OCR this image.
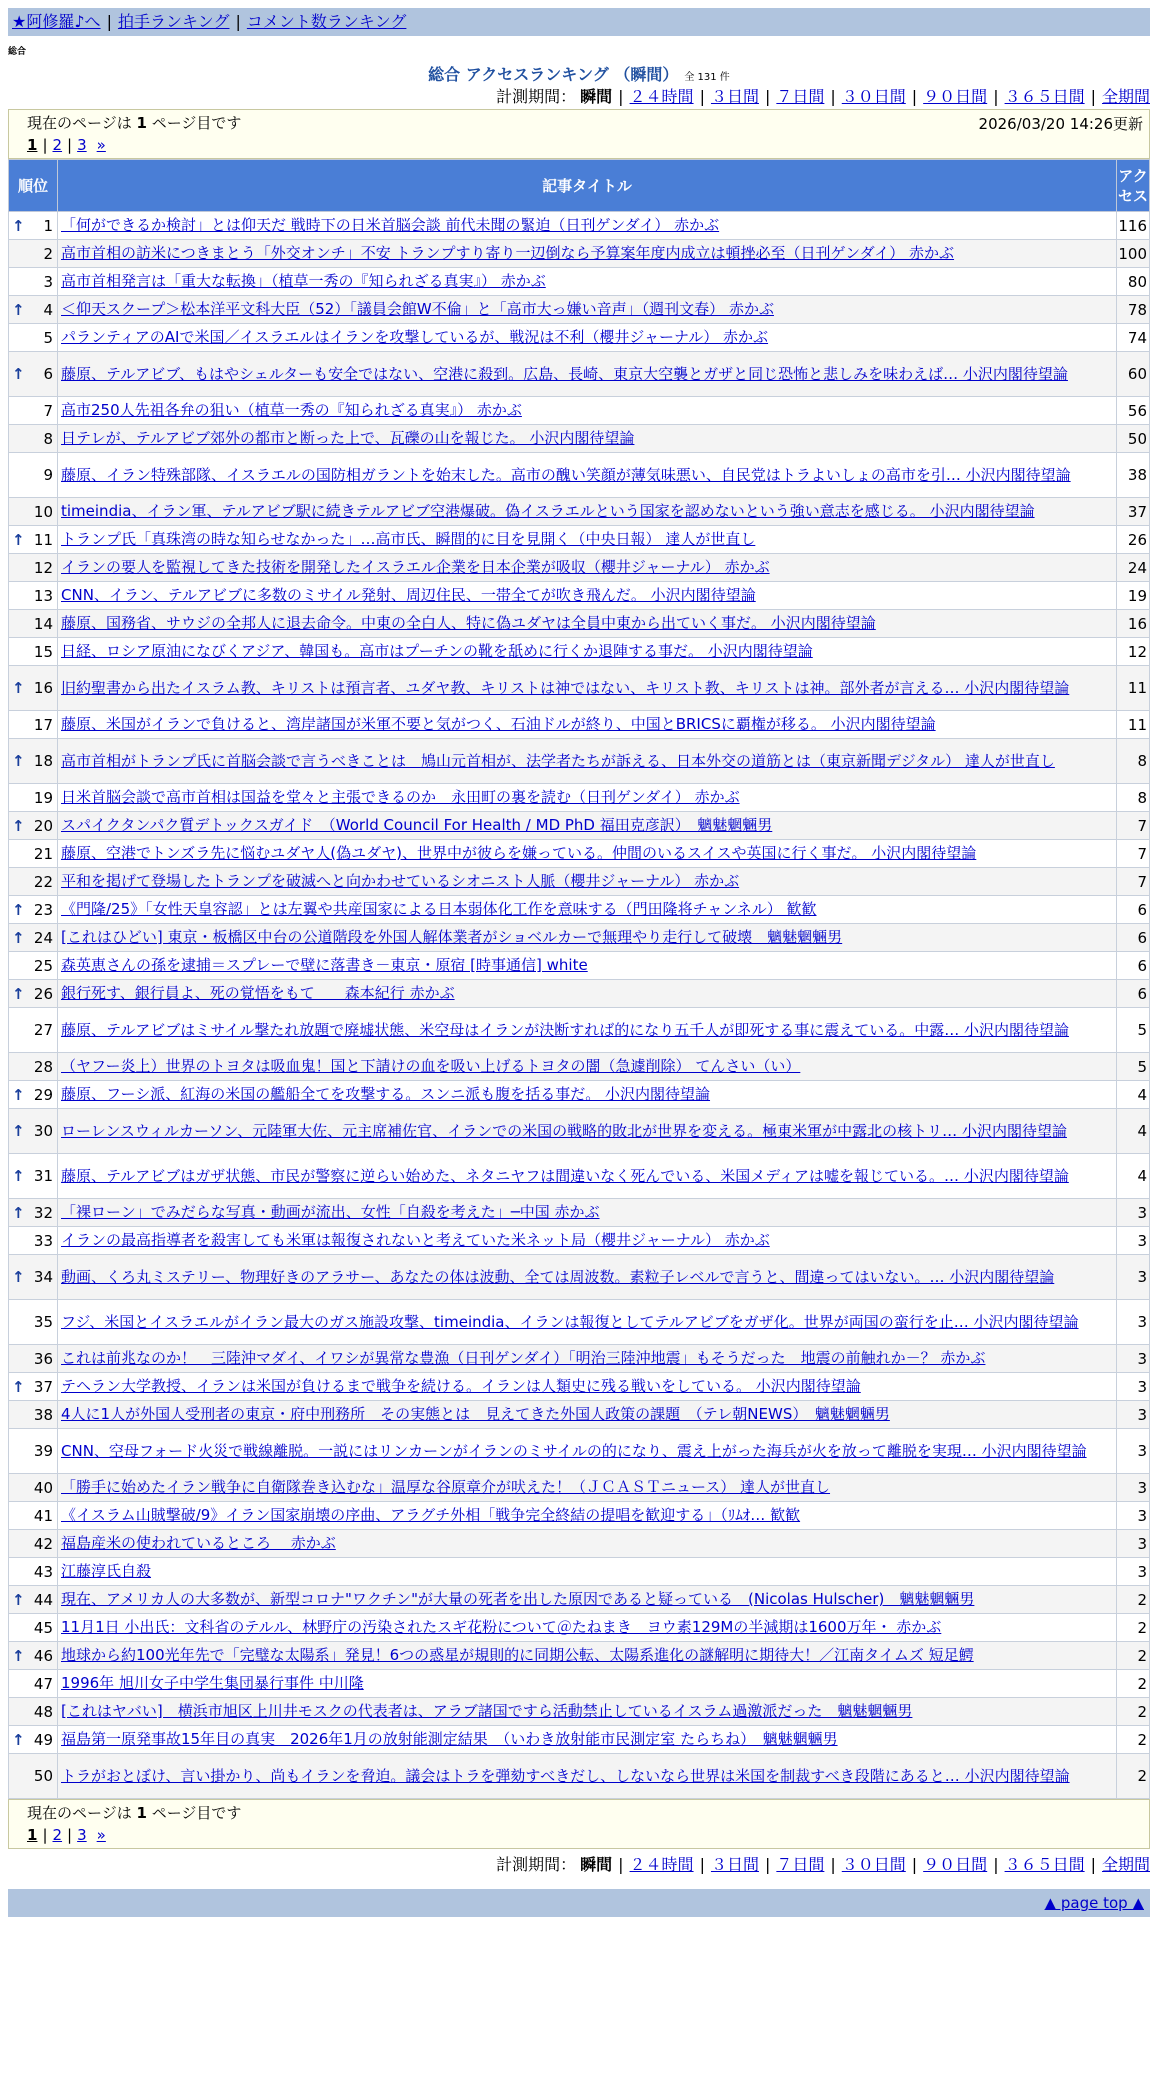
★阿修羅♪へ | 拍手ランキング | コメント数ランキング
総合
総合 アクセスランキング （瞬間） 全 131 件
計測期間： 瞬間 | ２４時間 | ３日間 | ７日間 | ３０日間 | ９０日間 | ３６５日間 | 全期間
現在のページは 1 ページ目です	2026/03/20 14:26更新
1 | 2 | 3 »
順位	記事タイトル	アクセス

↑ 1	「何ができるか検討」とは仰天だ 戦時下の日米首脳会談 前代未聞の緊迫（日刊ゲンダイ） 赤かぶ	116
2	高市首相の訪米につきまとう「外交オンチ」不安 トランプすり寄り一辺倒なら予算案年度内成立は頓挫必至（日刊ゲンダイ） 赤かぶ	100
3	高市首相発言は「重大な転換」（植草一秀の『知られざる真実』） 赤かぶ	80

↑ 4	＜仰天スクープ＞松本洋平文科大臣（52）「議員会館W不倫」と「高市大っ嫌い音声」（週刊文春） 赤かぶ	78
5	パランティアのAIで米国／イスラエルはイランを攻撃しているが、戦況は不利（櫻井ジャーナル） 赤かぶ	74

↑ 6	藤原、テルアビブ、もはやシェルターも安全ではない、空港に殺到。広島、長崎、東京大空襲とガザと同じ恐怖と悲しみを味わえば… 小沢内閣待望論	60
7	高市250人先祖各弁の狙い（植草一秀の『知られざる真実』） 赤かぶ	56
8	日テレが、テルアビブ郊外の都市と断った上で、瓦礫の山を報じた。 小沢内閣待望論	50
9	藤原、イラン特殊部隊、イスラエルの国防相ガラントを始末した。高市の醜い笑顔が薄気味悪い、自民党はトラよいしょの高市を引… 小沢内閣待望論	38
10	timeindia、イラン軍、テルアビブ駅に続きテルアビブ空港爆破。偽イスラエルという国家を認めないという強い意志を感じる。 小沢内閣待望論	37

↑ 11	トランプ氏「真珠湾の時な知らせなかった」…高市氏、瞬間的に目を見開く（中央日報） 達人が世直し	26
12	イランの要人を監視してきた技術を開発したイスラエル企業を日本企業が吸収（櫻井ジャーナル） 赤かぶ	24
13	CNN、イラン、テルアビブに多数のミサイル発射、周辺住民、一帯全てが吹き飛んだ。 小沢内閣待望論	19
14	藤原、国務省、サウジの全邦人に退去命令。中東の全白人、特に偽ユダヤは全員中東から出ていく事だ。 小沢内閣待望論	16
15	日経、ロシア原油になびくアジア、韓国も。高市はプーチンの靴を舐めに行くか退陣する事だ。 小沢内閣待望論	12

↑ 16	旧約聖書から出たイスラム教、キリストは預言者、ユダヤ教、キリストは神ではない、キリスト教、キリストは神。部外者が言える… 小沢内閣待望論	11
17	藤原、米国がイランで負けると、湾岸諸国が米軍不要と気がつく、石油ドルが終り、中国とBRICSに覇権が移る。 小沢内閣待望論	11

↑ 18	高市首相がトランプ氏に首脳会談で言うべきことは　鳩山元首相が、法学者たちが訴える、日本外交の道筋とは（東京新聞デジタル） 達人が世直し	8
19	日米首脳会談で高市首相は国益を堂々と主張できるのか　永田町の裏を読む（日刊ゲンダイ） 赤かぶ	8

↑ 20	スパイクタンパク質デトックスガイド　（World Council For Health / MD PhD 福田克彦訳）　魑魅魍魎男	7
21	藤原、空港でトンズラ先に悩むユダヤ人(偽ユダヤ)、世界中が彼らを嫌っている。仲間のいるスイスや英国に行く事だ。 小沢内閣待望論	7
22	平和を掲げて登場したトランプを破滅へと向かわせているシオニスト人脈（櫻井ジャーナル） 赤かぶ	7

↑ 23	《門隆/25》「女性天皇容認」とは左翼や共産国家による日本弱体化工作を意味する（門田隆将チャンネル） 歓歓	6

↑ 24	[これはひどい] 東京・板橋区中台の公道階段を外国人解体業者がショベルカーで無理やり走行して破壊　魑魅魍魎男	6
25	森英恵さんの孫を逮捕＝スプレーで壁に落書き－東京・原宿 [時事通信] white	6

↑ 26	銀行死す、銀行員よ、死の覚悟をもて　　森本紀行 赤かぶ	6
27	藤原、テルアビブはミサイル撃たれ放題で廃墟状態、米空母はイランが決断すれば的になり五千人が即死する事に震えている。中露… 小沢内閣待望論	5
28	（ヤフー炎上）世界のトヨタは吸血鬼！国と下請けの血を吸い上げるトヨタの闇（急遽削除） てんさい（い）	5

↑ 29	藤原、フーシ派、紅海の米国の艦船全てを攻撃する。スンニ派も腹を括る事だ。 小沢内閣待望論	4

↑ 30	ローレンスウィルカーソン、元陸軍大佐、元主席補佐官、イランでの米国の戦略的敗北が世界を変える。極東米軍が中露北の核トリ… 小沢内閣待望論	4

↑ 31	藤原、テルアビブはガザ状態、市民が警察に逆らい始めた、ネタニヤフは間違いなく死んでいる、米国メディアは嘘を報じている。… 小沢内閣待望論	4

↑ 32	「裸ローン」でみだらな写真・動画が流出、女性「自殺を考えた」─中国 赤かぶ	3
33	イランの最高指導者を殺害しても米軍は報復されないと考えていた米ネット局（櫻井ジャーナル） 赤かぶ	3

↑ 34	動画、くろ丸ミステリー、物理好きのアラサー、あなたの体は波動、全ては周波数。素粒子レベルで言うと、間違ってはいない。… 小沢内閣待望論	3
35	フジ、米国とイスラエルがイラン最大のガス施設攻撃、timeindia、イランは報復としてテルアビブをガザ化。世界が両国の蛮行を止… 小沢内閣待望論	3
36	これは前兆なのか！　三陸沖マダイ、イワシが異常な豊漁（日刊ゲンダイ）「明治三陸沖地震」もそうだった　地震の前触れか－？ 赤かぶ	3

↑ 37	テヘラン大学教授、イランは米国が負けるまで戦争を続ける。イランは人類史に残る戦いをしている。 小沢内閣待望論	3
38	4人に1人が外国人受刑者の東京・府中刑務所　その実態とは　見えてきた外国人政策の課題　（テレ朝NEWS）　魑魅魍魎男	3
39	CNN、空母フォード火災で戦線離脱。一説にはリンカーンがイランのミサイルの的になり、震え上がった海兵が火を放って離脱を実現… 小沢内閣待望論	3
40	「勝手に始めたイラン戦争に自衛隊巻き込むな」温厚な谷原章介が吠えた！（ＪＣＡＳＴニュース） 達人が世直し	3
41	《イスラム山賊撃破/9》イラン国家崩壊の序曲、アラグチ外相「戦争完全終結の提唱を歓迎する」（ﾘﾑｵ… 歓歓	3
42	福島産米の使われているところ　 赤かぶ	3
43	江藤淳氏自殺	3

↑ 44	現在、アメリカ人の大多数が、新型コロナ"ワクチン"が大量の死者を出した原因であると疑っている　(Nicolas Hulscher)　魑魅魍魎男	2
45	11月1日 小出氏：文科省のテルル、林野庁の汚染されたスギ花粉について＠たねまき　ヨウ素129Mの半減期は1600万年・ 赤かぶ	2

↑ 46	地球から約100光年先で「完璧な太陽系」発見！6つの惑星が規則的に同期公転、太陽系進化の謎解明に期待大！／江南タイムズ 短足鰐	2
47	1996年 旭川女子中学生集団暴行事件 中川隆	2
48	[これはヤバい]　横浜市旭区上川井モスクの代表者は、アラブ諸国ですら活動禁止しているイスラム過激派だった　魑魅魍魎男	2

↑ 49	福島第一原発事故15年目の真実　2026年1月の放射能測定結果　（いわき放射能市民測定室 たらちね）　魑魅魍魎男	2
50	トラがおとぼけ、言い掛かり、尚もイランを脅迫。議会はトラを弾劾すべきだし、しないなら世界は米国を制裁すべき段階にあると… 小沢内閣待望論	2
現在のページは 1 ページ目です
1 | 2 | 3 »
計測期間： 瞬間 | ２４時間 | ３日間 | ７日間 | ３０日間 | ９０日間 | ３６５日間 | 全期間
▲ page top ▲
